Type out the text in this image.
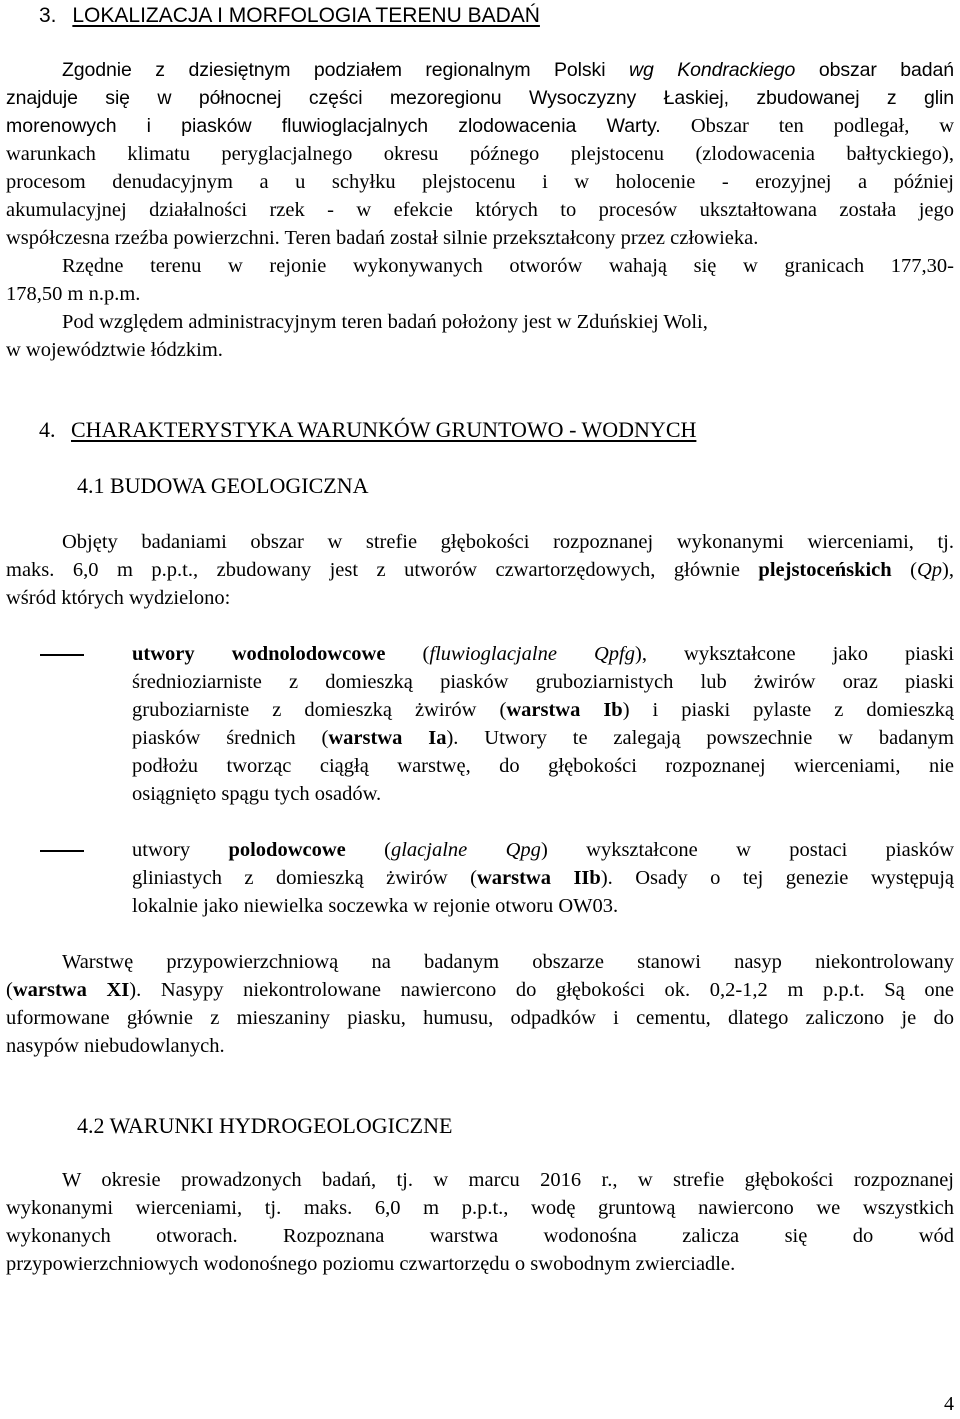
3. LOKALIZACJA I MORFOLOGIA TERENU BADAŃ
Zgodnie z dziesiętnym podziałem regionalnym Polski wg Kondrackiego obszar badań
znajduje się w północnej części mezoregionu Wysoczyzny Łaskiej, zbudowanej z glin
morenowych i piasków fluwioglacjalnych zlodowacenia Warty. Obszar ten podlegał, w
warunkach klimatu peryglacjalnego okresu późnego plejstocenu (zlodowacenia bałtyckiego),
procesom denudacyjnym a u schyłku plejstocenu i w holocenie - erozyjnej a później
akumulacyjnej działalności rzek - w efekcie których to procesów ukształtowana została jego
współczesna rzeźba powierzchni. Teren badań został silnie przekształcony przez człowieka.
Rzędne terenu w rejonie wykonywanych otworów wahają się w granicach 177,30-
178,50 m n.p.m.
Pod względem administracyjnym teren badań położony jest w Zduńskiej Woli,
w województwie łódzkim.
4. CHARAKTERYSTYKA WARUNKÓW GRUNTOWO - WODNYCH
4.1 BUDOWA GEOLOGICZNA
Objęty badaniami obszar w strefie głębokości rozpoznanej wykonanymi wierceniami, tj.
maks. 6,0 m p.p.t., zbudowany jest z utworów czwartorzędowych, głównie plejstoceńskich (Qp),
wśród których wydzielono:
utwory wodnolodowcowe (fluwioglacjalne Qpfg), wykształcone jako piaski
średnioziarniste z domieszką piasków gruboziarnistych lub żwirów oraz piaski
gruboziarniste z domieszką żwirów (warstwa Ib) i piaski pylaste z domieszką
piasków średnich (warstwa Ia). Utwory te zalegają powszechnie w badanym
podłożu tworząc ciągłą warstwę, do głębokości rozpoznanej wierceniami, nie
osiągnięto spągu tych osadów.
utwory polodowcowe (glacjalne Qpg) wykształcone w postaci piasków
gliniastych z domieszką żwirów (warstwa IIb). Osady o tej genezie występują
lokalnie jako niewielka soczewka w rejonie otworu OW03.
Warstwę przypowierzchniową na badanym obszarze stanowi nasyp niekontrolowany
(warstwa XI). Nasypy niekontrolowane nawiercono do głębokości ok. 0,2-1,2 m p.p.t. Są one
uformowane głównie z mieszaniny piasku, humusu, odpadków i cementu, dlatego zaliczono je do
nasypów niebudowlanych.
4.2 WARUNKI HYDROGEOLOGICZNE
W okresie prowadzonych badań, tj. w marcu 2016 r., w strefie głębokości rozpoznanej
wykonanymi wierceniami, tj. maks. 6,0 m p.p.t., wodę gruntową nawiercono we wszystkich
wykonanych otworach. Rozpoznana warstwa wodonośna zalicza się do wód
przypowierzchniowych wodonośnego poziomu czwartorzędu o swobodnym zwierciadle.
4
